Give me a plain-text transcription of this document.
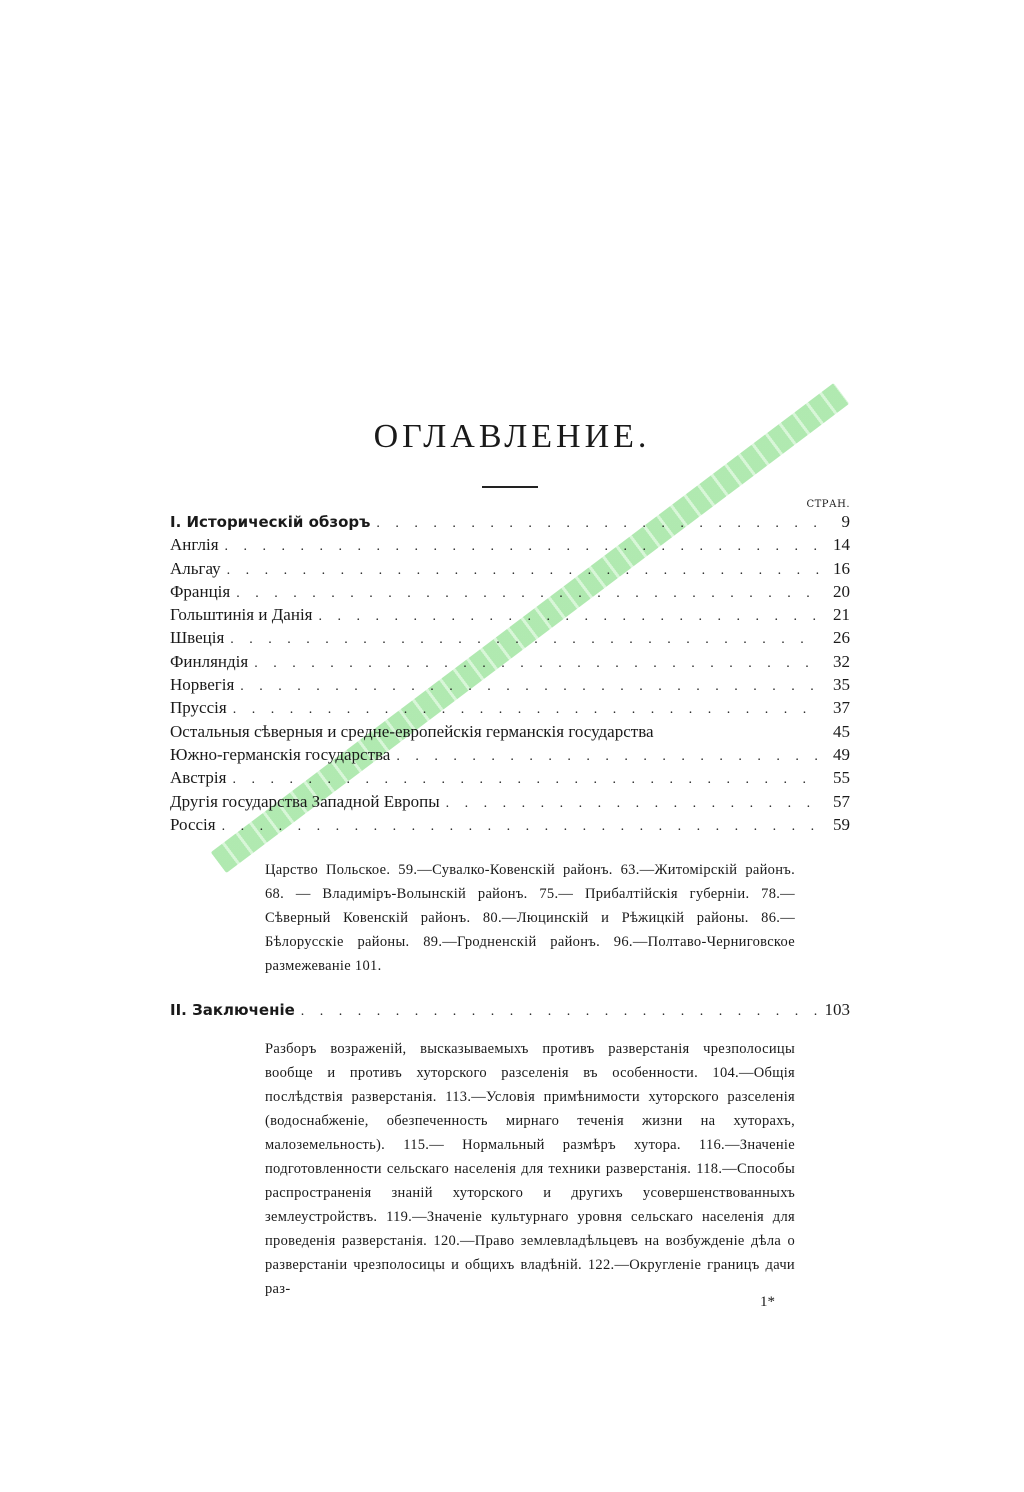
ОГЛАВЛЕНИЕ.
СТРАН.
I. Историческій обзоръ . . .	9
Англія . . .	14
Альгау . . .	16
Франція . . .	20
Гольштинія и Данія . . .	21
Швеція . . .	26
Финляндія . . .	32
Норвегія . . .	35
Пруссія . . .	37
Остальныя сѣверныя и средне-европейскія германскія государства	45
Южно-германскія государства . . .	49
Австрія . . .	55
Другія государства Западной Европы . . .	57
Россія . . .	59
Царство Польское. 59.—Сувалко-Ковенскій районъ. 63.—Житомірскій районъ. 68. — Владиміръ-Волынскій районъ. 75.— Прибалтійскія губерніи. 78.—Сѣверный Ковенскій районъ. 80.—Люцинскій и Рѣжицкій районы. 86.—Бѣлорусскіе районы. 89.—Гродненскій районъ. 96.—Полтаво-Черниговское размежеваніе 101.
II. Заключеніе . . .	103
Разборъ возраженій, высказываемыхъ противъ разверстанія чрезполосицы вообще и противъ хуторского разселенія въ особенности. 104.—Общія послѣдствія разверстанія. 113.—Условія примѣнимости хуторского разселенія (водоснабженіе, обезпеченность мирнаго теченія жизни на хуторахъ, малоземельность). 115.— Нормальный размѣръ хутора. 116.—Значеніе подготовленности сельскаго населенія для техники разверстанія. 118.—Способы распространенія знаній хуторского и другихъ усовершенствованныхъ землеустройствъ. 119.—Значеніе культурнаго уровня сельскаго населенія для проведенія разверстанія. 120.—Право землевладѣльцевъ на возбужденіе дѣла о разверстаніи чрезполосицы и общихъ владѣній. 122.—Округленіе границъ дачи раз-
1*
